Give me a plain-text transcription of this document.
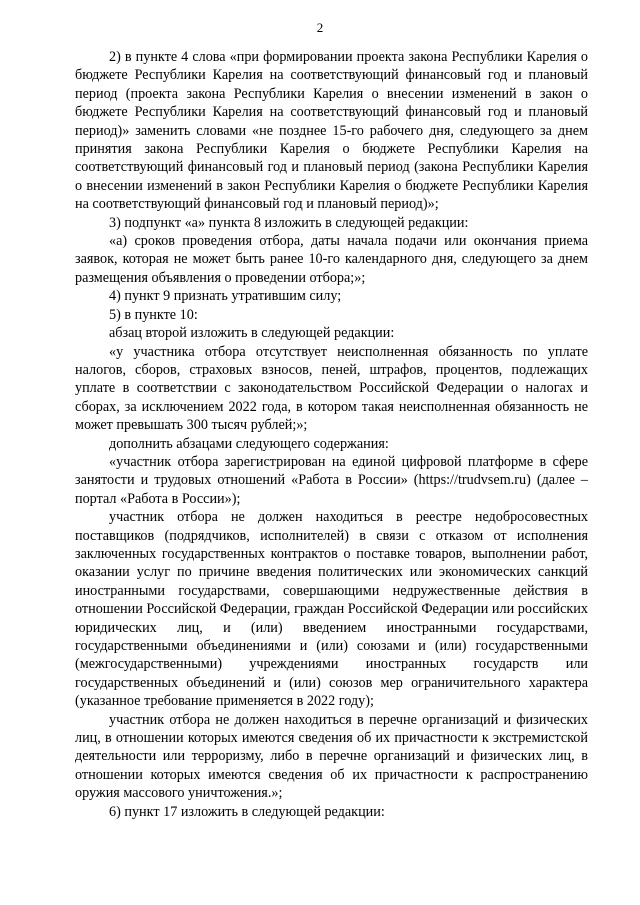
2

2) в пункте 4 слова «при формировании проекта закона Республики Карелия о бюджете Республики Карелия на соответствующий финансовый год и плановый период (проекта закона Республики Карелия о внесении изменений в закон о бюджете Республики Карелия на соответствующий финансовый год и плановый период)» заменить словами «не позднее 15-го рабочего дня, следующего за днем принятия закона Республики Карелия о бюджете Республики Карелия на соответствующий финансовый год и плановый период (закона Республики Карелия о внесении изменений в закон Республики Карелия о бюджете Республики Карелия на соответствующий финансовый год и плановый период)»;

3) подпункт «а» пункта 8 изложить в следующей редакции:

«а) сроков проведения отбора, даты начала подачи или окончания приема заявок, которая не может быть ранее 10-го календарного дня, следующего за днем размещения объявления о проведении отбора;»;

4) пункт 9 признать утратившим силу;

5) в пункте 10:

абзац второй изложить в следующей редакции:

«у участника отбора отсутствует неисполненная обязанность по уплате налогов, сборов, страховых взносов, пеней, штрафов, процентов, подлежащих уплате в соответствии с законодательством Российской Федерации о налогах и сборах, за исключением 2022 года, в котором такая неисполненная обязанность не может превышать 300 тысяч рублей;»;

дополнить абзацами следующего содержания:

«участник отбора зарегистрирован на единой цифровой платформе в сфере занятости и трудовых отношений «Работа в России» (https://trudvsem.ru) (далее – портал «Работа в России»);

участник отбора не должен находиться в реестре недобросовестных поставщиков (подрядчиков, исполнителей) в связи с отказом от исполнения заключенных государственных контрактов о поставке товаров, выполнении работ, оказании услуг по причине введения политических или экономических санкций иностранными государствами, совершающими недружественные действия в отношении Российской Федерации, граждан Российской Федерации или российских юридических лиц, и (или) введением иностранными государствами, государственными объединениями и (или) союзами и (или) государственными (межгосударственными) учреждениями иностранных государств или государственных объединений и (или) союзов мер ограничительного характера (указанное требование применяется в 2022 году);

участник отбора не должен находиться в перечне организаций и физических лиц, в отношении которых имеются сведения об их причастности к экстремистской деятельности или терроризму, либо в перечне организаций и физических лиц, в отношении которых имеются сведения об их причастности к распространению оружия массового уничтожения.»;

6) пункт 17 изложить в следующей редакции:
